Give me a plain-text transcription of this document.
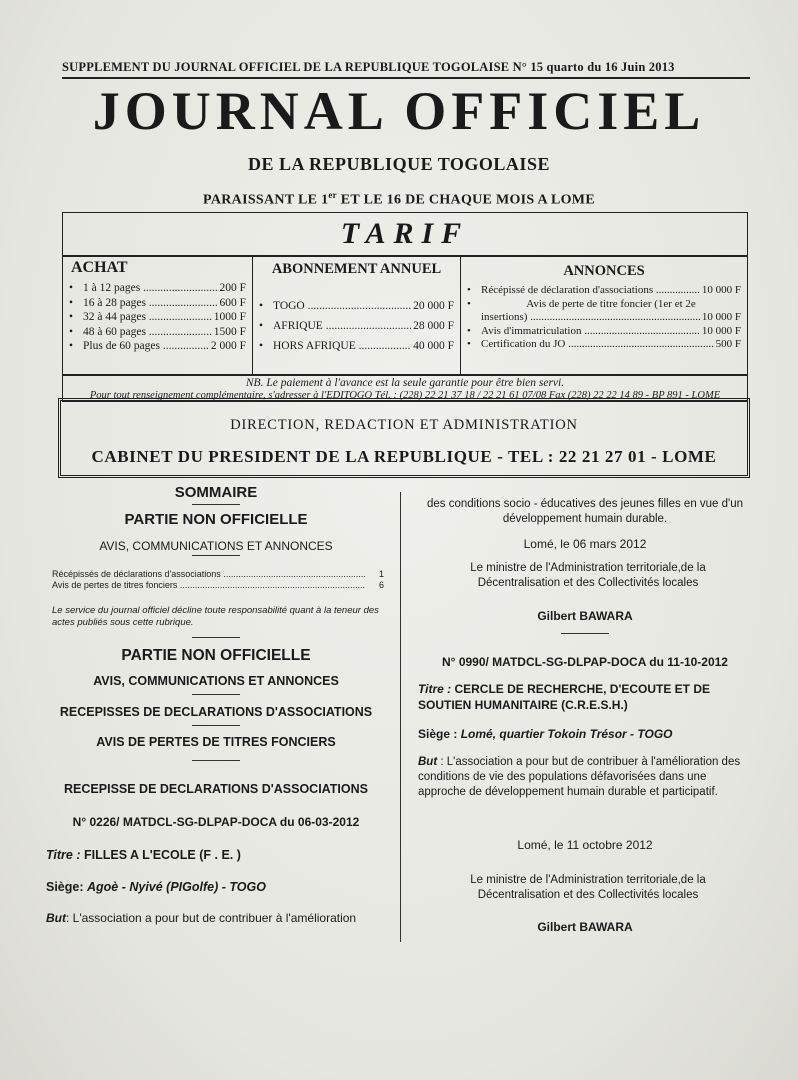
SUPPLEMENT DU JOURNAL OFFICIEL DE LA REPUBLIQUE TOGOLAISE N° 15 quarto du 16 Juin 2013
JOURNAL OFFICIEL
DE LA REPUBLIQUE TOGOLAISE
PARAISSANT LE 1er ET LE 16 DE CHAQUE MOIS A LOME
TARIF
ACHAT
• 1 à 12 pages .....	200 F
• 16 à 28 pages .....	600 F
• 32 à 44 pages .....	1000 F
• 48 à 60 pages .....	1500 F
• Plus de 60 pages .....	2 000 F
ABONNEMENT ANNUEL
• TOGO .....	20 000 F
• AFRIQUE .....	28 000 F
• HORS AFRIQUE .....	40 000 F
ANNONCES
• Récépissé de déclaration d'associations .....	10 000 F
•	Avis de perte de titre foncier (1er et 2e
insertions) .....	10 000 F
• Avis d'immatriculation .....	10 000 F
• Certification du JO .....	500 F
NB. Le paiement à l'avance est la seule garantie pour être bien servi.
Pour tout renseignement complémentaire, s'adresser à l'EDITOGO Tél. : (228) 22 21 37 18 / 22 21 61 07/08 Fax (228) 22 22 14 89 - BP 891 - LOME
DIRECTION, REDACTION ET ADMINISTRATION
CABINET DU PRESIDENT DE LA REPUBLIQUE - TEL : 22 21 27 01 - LOME
SOMMAIRE
PARTIE NON OFFICIELLE
AVIS, COMMUNICATIONS ET ANNONCES
Récépissés de déclarations d'associations .....	1
Avis de pertes de titres fonciers .....	6
Le service du journal officiel décline toute responsabilité quant à la teneur des actes publiés sous cette rubrique.
PARTIE NON OFFICIELLE
AVIS, COMMUNICATIONS ET ANNONCES
RECEPISSES DE DECLARATIONS D'ASSOCIATIONS
AVIS DE PERTES DE TITRES FONCIERS
RECEPISSE DE DECLARATIONS D'ASSOCIATIONS
N° 0226/ MATDCL-SG-DLPAP-DOCA du 06-03-2012
Titre : FILLES A L'ECOLE (F . E. )
Siège: Agoè - Nyivé (PIGolfe) - TOGO
But: L'association a pour but de contribuer à l'amélioration
des conditions socio - éducatives des jeunes filles en vue d'un développement humain durable.
Lomé, le 06 mars 2012
Le ministre de l'Administration territoriale,de la Décentralisation et des Collectivités locales
Gilbert BAWARA
N° 0990/ MATDCL-SG-DLPAP-DOCA du 11-10-2012
Titre : CERCLE DE RECHERCHE, D'ECOUTE ET DE SOUTIEN HUMANITAIRE (C.R.E.S.H.)
Siège : Lomé, quartier Tokoin Trésor - TOGO
But : L'association a pour but de contribuer à l'amélioration des conditions de vie des populations défavorisées dans une approche de développement humain durable et participatif.
Lomé, le 11 octobre 2012
Le ministre de l'Administration territoriale,de la Décentralisation et des Collectivités locales
Gilbert BAWARA
